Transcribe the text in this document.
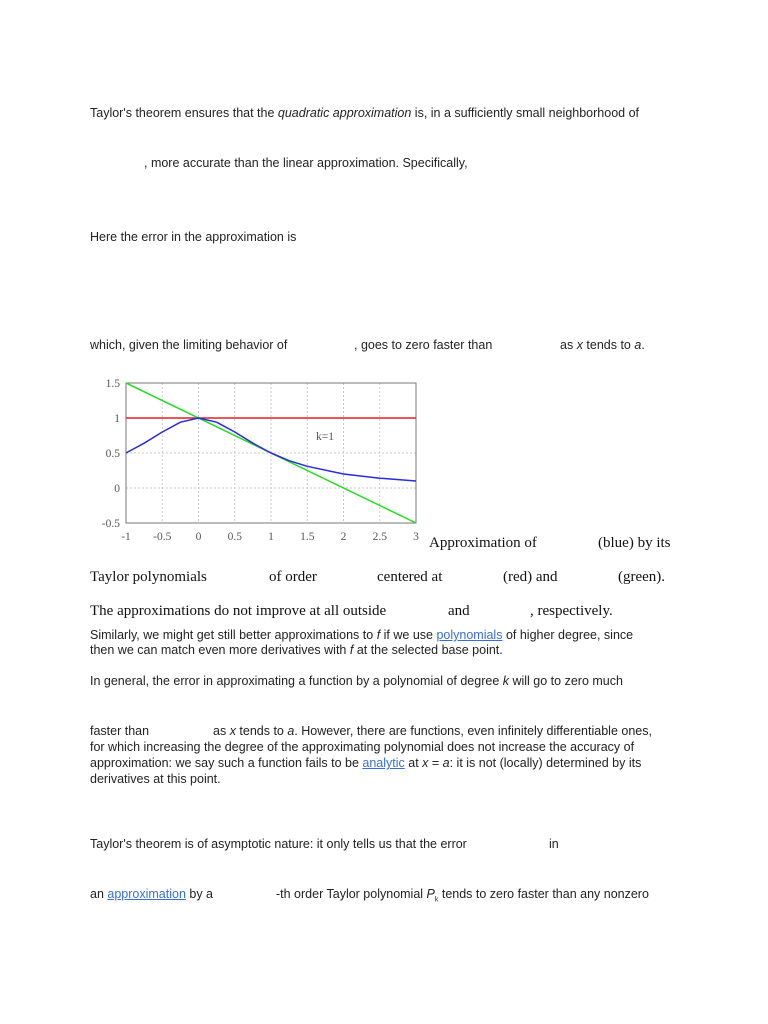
Taylor's theorem ensures that the quadratic approximation is, in a sufficiently small neighborhood of
, more accurate than the linear approximation. Specifically,
Here the error in the approximation is
which, given the limiting behavior of	, goes to zero faster than	as x tends to a.
1.5
1
0.5
0
-0.5
-1 -0.5 0 0.5 1 1.5 2 2.5 3
k=1
Approximation of	(blue) by its
Taylor polynomials	of order	centered at	(red) and	(green).
The approximations do not improve at all outside	and	, respectively.
Similarly, we might get still better approximations to f if we use polynomials of higher degree, since
then we can match even more derivatives with f at the selected base point.
In general, the error in approximating a function by a polynomial of degree k will go to zero much
faster than	as x tends to a. However, there are functions, even infinitely differentiable ones,
for which increasing the degree of the approximating polynomial does not increase the accuracy of
approximation: we say such a function fails to be analytic at x = a: it is not (locally) determined by its
derivatives at this point.
Taylor's theorem is of asymptotic nature: it only tells us that the error	in
an approximation by a	-th order Taylor polynomial $P_k$ tends to zero faster than any nonzero
